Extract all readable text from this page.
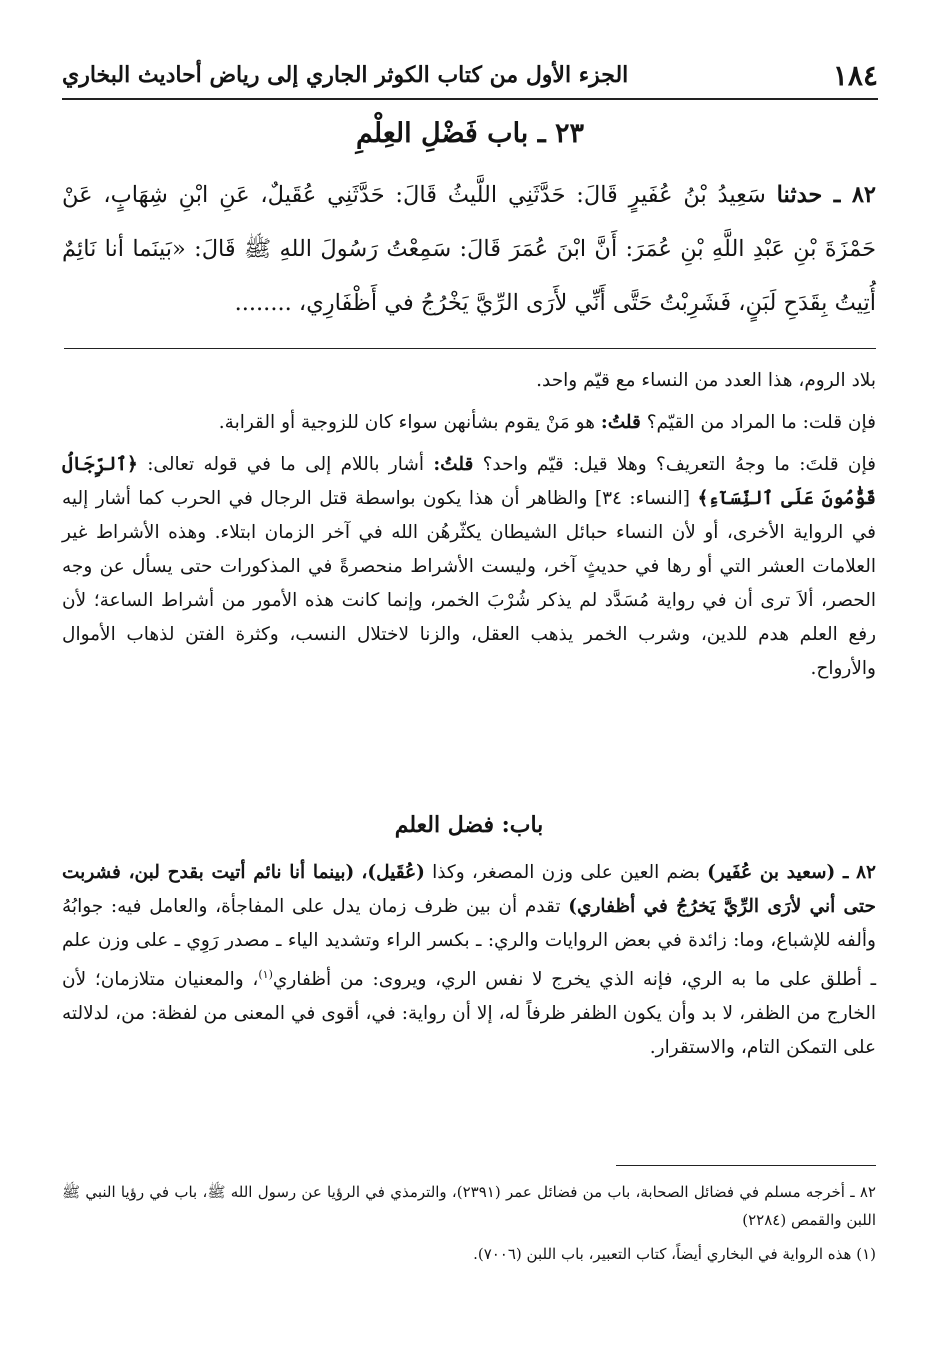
١٨٤
الجزء الأول من كتاب الكوثر الجاري إلى رياض أحاديث البخاري
٢٣ ـ باب فَضْلِ العِلْمِ
٨٢ ـ حدثنا سَعِيدُ بْنُ عُفَيرٍ قَالَ: حَدَّثَنِي اللَّيثُ قَالَ: حَدَّثَنِي عُقَيلٌ، عَنِ ابْنِ شِهَابٍ، عَنْ حَمْزَةَ بْنِ عَبْدِ اللَّهِ بْنِ عُمَرَ: أَنَّ ابْنَ عُمَرَ قَالَ: سَمِعْتُ رَسُولَ اللهِ ﷺ قَالَ: «بَينَما أنا نَائِمٌ أُتِيتُ بِقَدَحِ لَبَنٍ، فَشَرِبْتُ حَتَّى أَنِّي لأَرَى الرِّيَّ يَخْرُجُ في أَظْفَارِي، ........

بلاد الروم، هذا العدد من النساء مع قيّم واحد.

فإن قلت: ما المراد من القيّم؟ قلتُ: هو مَنْ يقوم بشأنهن سواء كان للزوجية أو القرابة.

فإن قلتَ: ما وجهُ التعريف؟ وهلا قيل: قيّم واحد؟ قلتُ: أشار باللام إلى ما في قوله تعالى: ﴿ٱلرِّجَالُ قَوَّٰمُونَ عَلَى ٱلنِّسَآءِ﴾ [النساء: ٣٤] والظاهر أن هذا يكون بواسطة قتل الرجال في الحرب كما أشار إليه في الرواية الأخرى، أو لأن النساء حبائل الشيطان يكثّرهُن الله في آخر الزمان ابتلاء. وهذه الأشراط غير العلامات العشر التي أو رها في حديثٍ آخر، وليست الأشراط منحصرةً في المذكورات حتى يسأل عن وجه الحصر، ألاَ ترى أن في رواية مُسَدَّد لم يذكر شُرْبَ الخمر، وإنما كانت هذه الأمور من أشراط الساعة؛ لأن رفع العلم هدم للدين، وشرب الخمر يذهب العقل، والزنا لاختلال النسب، وكثرة الفتن لذهاب الأموال والأرواح.

باب: فضل العلم

٨٢ ـ (سعيد بن عُفَير) بضم العين على وزن المصغر، وكذا (عُقَيل)، (بينما أنا نائم أتيت بقدح لبن، فشربت حتى أني لأرَى الرِّيَّ يَخرُجُ في أظفاري) تقدم أن بين ظرف زمان يدل على المفاجأة، والعامل فيه: جوابُهُ وألفه للإشباع، وما: زائدة في بعض الروايات والري: ـ بكسر الراء وتشديد الياء ـ مصدر رَوِي ـ على وزن علم ـ أطلق على ما به الري، فإنه الذي يخرج لا نفس الري، ويروى: من أظفاري$^{(١)}$، والمعنيان متلازمان؛ لأن الخارج من الظفر، لا بد وأن يكون الظفر ظرفاً له، إلا أن رواية: في، أقوى في المعنى من لفظة: من، لدلالته على التمكن التام، والاستقرار.

٨٢ ـ أخرجه مسلم في فضائل الصحابة، باب من فضائل عمر (٢٣٩١)، والترمذي في الرؤيا عن رسول الله ﷺ، باب في رؤيا النبي ﷺ اللبن والقمص (٢٢٨٤)

(١) هذه الرواية في البخاري أيضاً، كتاب التعبير، باب اللبن (٧٠٠٦).
